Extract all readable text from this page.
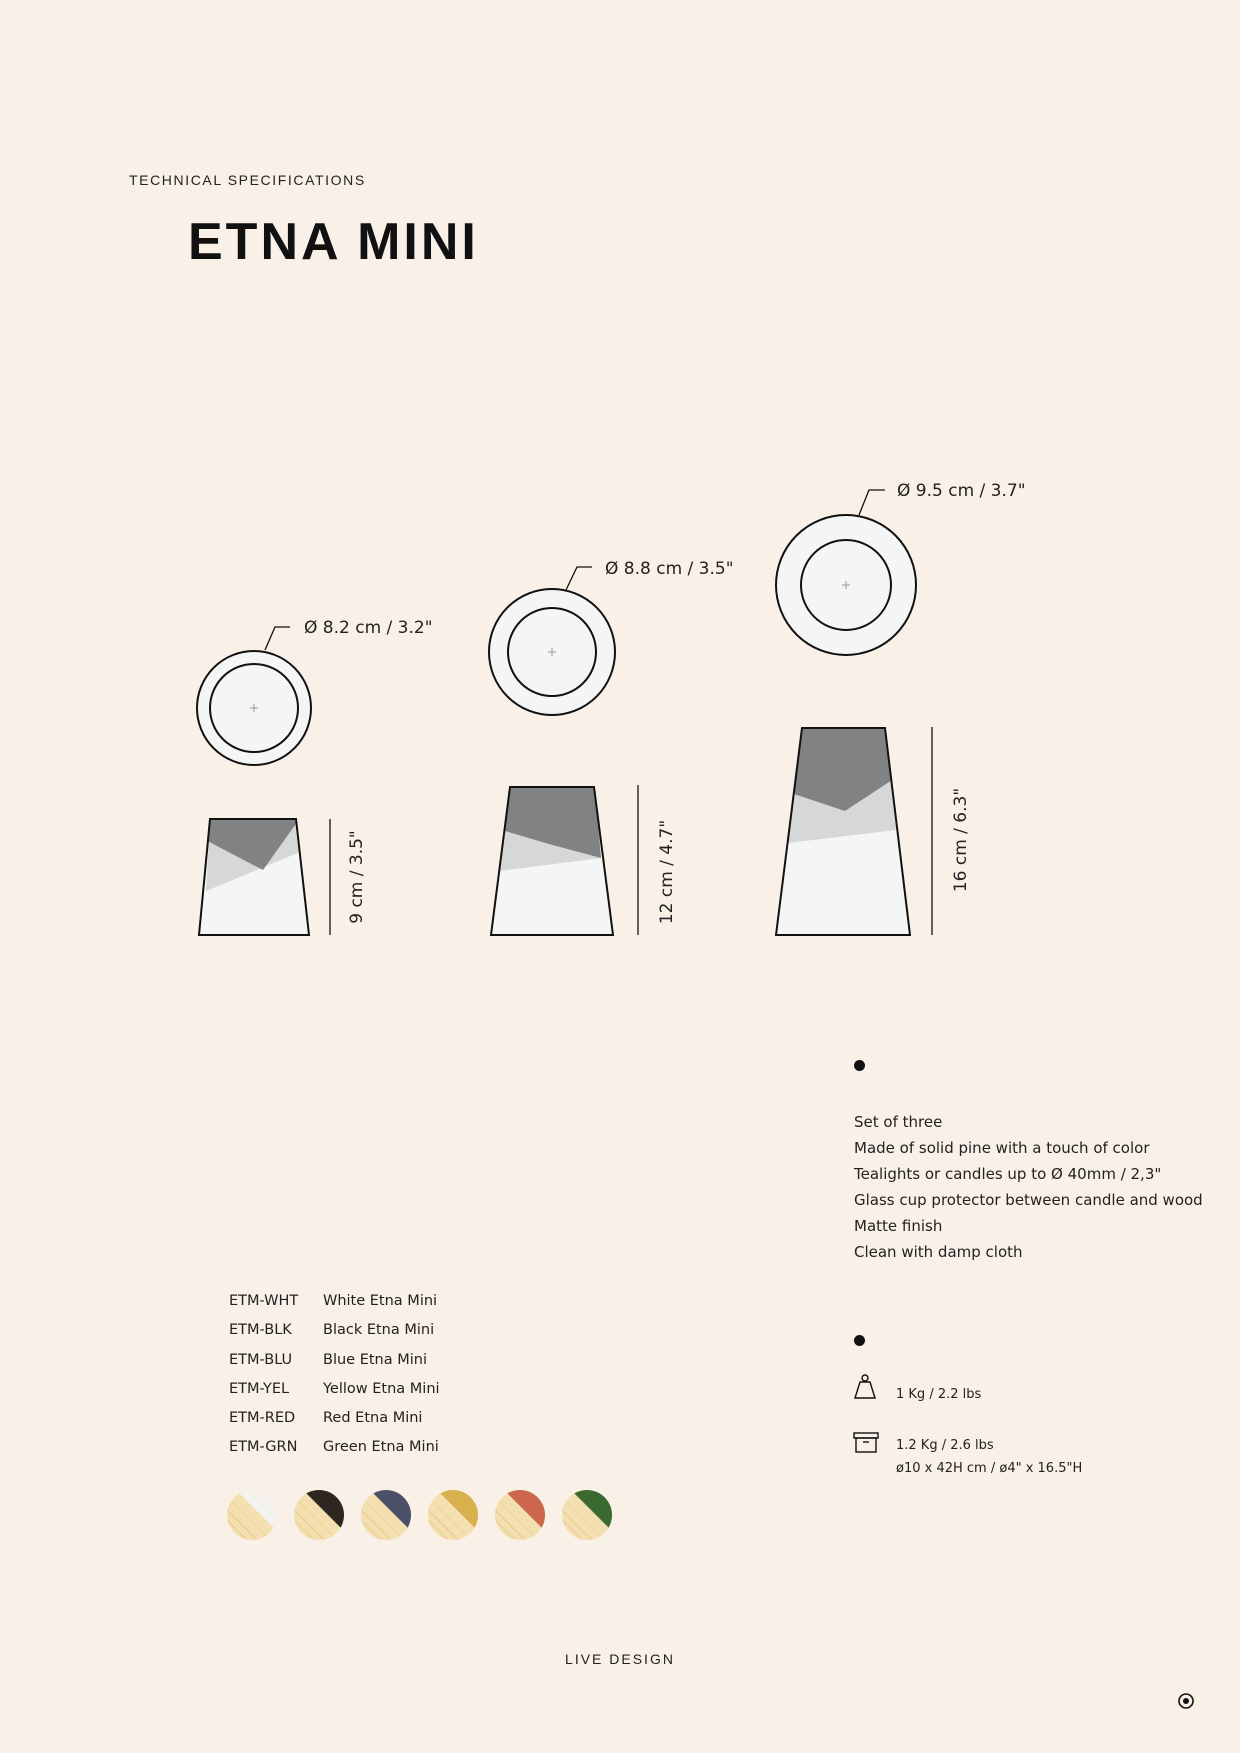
TECHNICAL SPECIFICATIONS
ETNA MINI
Ø 8.2 cm / 3.2"
9 cm / 3.5"
Ø 8.8 cm / 3.5"
12 cm / 4.7"
Ø 9.5 cm / 3.7"
16 cm / 6.3"
Set of three
Made of solid pine with a touch of color
Tealights or candles up to Ø 40mm / 2,3"
Glass cup protector between candle and wood
Matte finish
Clean with damp cloth
ETM-WHT	White Etna Mini
ETM-BLK	Black Etna Mini
ETM-BLU	Blue Etna Mini
ETM-YEL	Yellow Etna Mini
ETM-RED	Red Etna Mini
ETM-GRN	Green Etna Mini
1 Kg / 2.2 lbs
1.2 Kg / 2.6 lbs
ø10 x 42H cm / ø4" x 16.5"H
LIVE DESIGN
